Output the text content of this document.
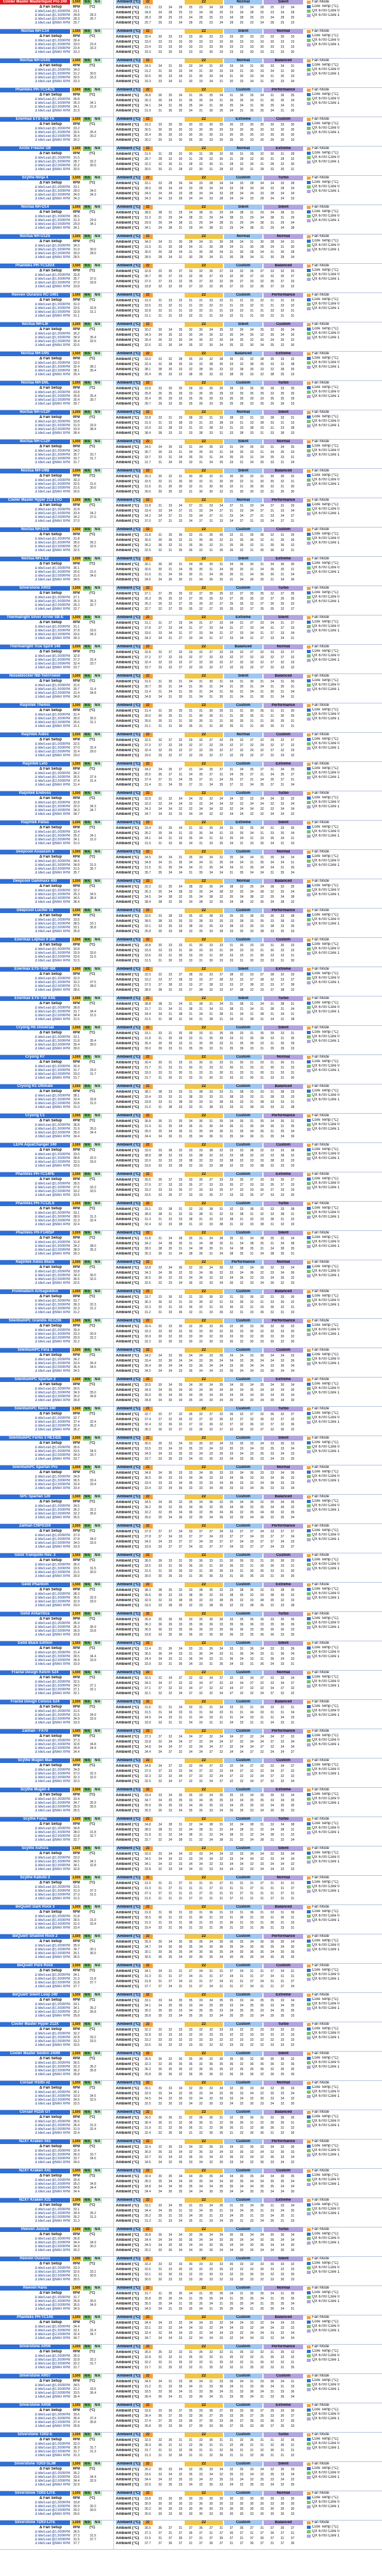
Cooler Master Masterliquid Pro 240	1,500	N/A	N/A
Δ Fan Setup	RPM	(°C)
Δ Idle/Load @1,000RPM	23.1
Δ Idle/Load @1,500RPM	34.8	28.3
Δ Idle/Load @2,000RPM	28.3	25.7
Δ Idle/Load @MAX RPM	25.7
Ambient (°C)	22	22	Normal	Silent	Fan Mode
Core Temp (°C)
QX 6700 Core 0
QX 6700 Core 1
Ambient (°C)	23.1	23	34	28	25	23	34	28	25	23	34	28	25	23	34
Ambient (°C)	34.8	34	28	25	23	34	28	25	23	34	28	25	23	34	28
Ambient (°C)	28.3	28	25	23	34	28	25	23	34	28	25	23	34	28	25
Ambient (°C)	25.7	25	23	34	28	25	23	34	28	25	23	34	28	25	23
Noctua NH-C14	1,500	N/A	N/A
Δ Fan Setup	RPM	(°C)
Δ Idle/Load @1,000RPM	30.4
Δ Idle/Load @1,500RPM	33.0	23.4
Δ Idle/Load @2,000RPM	23.4	33.3
Δ Idle/Load @MAX RPM	33.3
Ambient (°C)	22	22	Silent	Normal	Fan Mode
Core Temp (°C)
QX 6700 Core 0
QX 6700 Core 1
Ambient (°C)	30.4	30	33	23	33	30	33	23	33	30	33	23	33	30	33
Ambient (°C)	33.0	33	23	33	30	33	23	33	30	33	23	33	30	33	23
Ambient (°C)	23.4	23	33	30	33	23	33	30	33	23	33	30	33	23	33
Ambient (°C)	33.3	33	30	33	23	33	30	33	23	33	30	33	23	33	30
Noctua NH-U14S	1,500	N/A	N/A
Δ Fan Setup	RPM	(°C)
Δ Idle/Load @1,000RPM	34.0
Δ Idle/Load @1,500RPM	31.2	30.5
Δ Idle/Load @2,000RPM	30.5	33.3
Δ Idle/Load @MAX RPM	33.3
Ambient (°C)	22	22	Normal	Balanced	Fan Mode
Core Temp (°C)
QX 6700 Core 0
QX 6700 Core 1
Ambient (°C)	34.0	34	31	30	33	34	31	30	33	34	31	30	33	34	31
Ambient (°C)	31.2	31	30	33	34	31	30	33	34	31	30	33	34	31	30
Ambient (°C)	30.5	30	33	34	31	30	33	34	31	30	33	34	31	30	33
Ambient (°C)	33.3	33	34	31	30	33	34	31	30	33	34	31	30	33	34
Phanteks PH-TC14CS	1,500	N/A	N/A
Δ Fan Setup	RPM	(°C)
Δ Idle/Load @1,000RPM	36.8
Δ Idle/Load @1,500RPM	35.3	34.1
Δ Idle/Load @2,000RPM	34.1	31.9
Δ Idle/Load @MAX RPM	31.9
Ambient (°C)	22	22	Custom	Performance	Fan Mode
Core Temp (°C)
QX 6700 Core 0
QX 6700 Core 1
Ambient (°C)	36.8	36	35	34	31	36	35	34	31	36	35	34	31	36	35
Ambient (°C)	35.3	35	34	31	36	35	34	31	36	35	34	31	36	35	34
Ambient (°C)	34.1	34	31	36	35	34	31	36	35	34	31	36	35	34	31
Ambient (°C)	31.9	31	36	35	34	31	36	35	34	31	36	35	34	31	36
Enermax ETS-T40-TA	1,500	N/A	N/A
Δ Fan Setup	RPM	(°C)
Δ Idle/Load @1,000RPM	33.2
Δ Idle/Load @1,500RPM	30.5	35.4
Δ Idle/Load @2,000RPM	35.4	30.2
Δ Idle/Load @MAX RPM	30.2
Ambient (°C)	22	22	Extreme	Custom	Fan Mode
Core Temp (°C)
QX 6700 Core 0
QX 6700 Core 1
Ambient (°C)	33.2	33	30	35	30	33	30	35	30	33	30	35	30	33	30
Ambient (°C)	30.5	30	35	30	33	30	35	30	33	30	35	30	33	30	35
Ambient (°C)	35.4	35	30	33	30	35	30	33	30	35	30	33	30	35	30
Ambient (°C)	30.2	30	33	30	35	30	33	30	35	30	33	30	35	30	33
Arctic Freezer i30	1,500	N/A	N/A
Δ Fan Setup	RPM	(°C)
Δ Idle/Load @1,000RPM	31.5
Δ Idle/Load @1,500RPM	28.7	32.2
Δ Idle/Load @2,000RPM	32.2	30.5
Δ Idle/Load @MAX RPM	30.5
Ambient (°C)	22	22	Normal	Extreme	Fan Mode
Core Temp (°C)
QX 6700 Core 0
QX 6700 Core 1
Ambient (°C)	31.5	31	28	32	30	31	28	32	30	31	28	32	30	31	28
Ambient (°C)	28.7	28	32	30	31	28	32	30	31	28	32	30	31	28	32
Ambient (°C)	32.2	32	30	31	28	32	30	31	28	32	30	31	28	32	30
Ambient (°C)	30.5	30	31	28	32	30	31	28	32	30	31	28	32	30	31
Scythe Ninja 4	1,500	N/A	N/A
Δ Fan Setup	RPM	(°C)
Δ Idle/Load @1,000RPM	33.1
Δ Idle/Load @1,500RPM	28.0	34.0
Δ Idle/Load @2,000RPM	34.0	34.3
Δ Idle/Load @MAX RPM	34.3
Ambient (°C)	22	22	Custom	Turbo	Fan Mode
Core Temp (°C)
QX 6700 Core 0
QX 6700 Core 1
Ambient (°C)	33.1	33	28	34	34	33	28	34	34	33	28	34	34	33	28
Ambient (°C)	28.0	28	34	34	33	28	34	34	33	28	34	34	33	28	34
Ambient (°C)	34.0	34	34	33	28	34	34	33	28	34	34	33	28	34	34
Ambient (°C)	34.3	34	33	28	34	34	33	28	34	34	33	28	34	34	33
Noctua NH-D14	1,500	N/A	N/A
Δ Fan Setup	RPM	(°C)
Δ Idle/Load @1,000RPM	38.6
Δ Idle/Load @1,500RPM	31.3	29.9
Δ Idle/Load @2,000RPM	29.9	34.1
Δ Idle/Load @MAX RPM	34.1
Ambient (°C)	22	22	Silent	Silent	Fan Mode
Core Temp (°C)
QX 6700 Core 0
QX 6700 Core 1
Ambient (°C)	38.6	38	31	29	34	38	31	29	34	38	31	29	34	38	31
Ambient (°C)	31.3	31	29	34	38	31	29	34	38	31	29	34	38	31	29
Ambient (°C)	29.9	29	34	38	31	29	34	38	31	29	34	38	31	29	34
Ambient (°C)	34.1	34	38	31	29	34	38	31	29	34	38	31	29	34	38
Noctua NH-U12S	1,500	N/A	N/A
Δ Fan Setup	RPM	(°C)
Δ Idle/Load @1,000RPM	34.0
Δ Idle/Load @1,500RPM	31.0	30.0
Δ Idle/Load @2,000RPM	30.0	28.5
Δ Idle/Load @MAX RPM	28.5
Ambient (°C)	22	22	Normal	Normal	Fan Mode
Core Temp (°C)
QX 6700 Core 0
QX 6700 Core 1
Ambient (°C)	34.0	34	31	30	28	34	31	30	28	34	31	30	28	34	31
Ambient (°C)	31.0	31	30	28	34	31	30	28	34	31	30	28	34	31	30
Ambient (°C)	30.0	30	28	34	31	30	28	34	31	30	28	34	31	30	28
Ambient (°C)	28.5	28	34	31	30	28	34	31	30	28	34	31	30	28	34
Phanteks PH-TC12DX	1,500	N/A	N/A
Δ Fan Setup	RPM	(°C)
Δ Idle/Load @1,000RPM	32.8
Δ Idle/Load @1,500RPM	35.7	37.0
Δ Idle/Load @2,000RPM	37.0	33.8
Δ Idle/Load @MAX RPM	33.8
Ambient (°C)	22	22	Custom	Balanced	Fan Mode
Core Temp (°C)
QX 6700 Core 0
QX 6700 Core 1
Ambient (°C)	32.8	32	35	37	33	32	35	37	33	32	35	37	33	32	35
Ambient (°C)	35.7	35	37	33	32	35	37	33	32	35	37	33	32	35	37
Ambient (°C)	37.0	37	33	32	35	37	33	32	35	37	33	32	35	37	33
Ambient (°C)	33.8	33	32	35	37	33	32	35	37	33	32	35	37	33	32
Reeven Ouranos RC-1401	1,500	N/A	N/A
Δ Fan Setup	RPM	(°C)
Δ Idle/Load @1,000RPM	31.0
Δ Idle/Load @1,500RPM	33.5	32.8
Δ Idle/Load @2,000RPM	32.8	31.1
Δ Idle/Load @MAX RPM	31.1
Ambient (°C)	22	22	Custom	Performance	Fan Mode
Core Temp (°C)
QX 6700 Core 0
QX 6700 Core 1
Ambient (°C)	31.0	31	33	32	31	31	33	32	31	31	33	32	31	31	33
Ambient (°C)	33.5	33	32	31	31	33	32	31	31	33	32	31	31	33	32
Ambient (°C)	32.8	32	31	31	33	32	31	31	33	32	31	31	33	32	31
Ambient (°C)	31.1	31	31	33	32	31	31	33	32	31	31	33	32	31	31
Noctua NH-L9i	1,500	N/A	N/A
Δ Fan Setup	RPM	(°C)
Δ Idle/Load @1,000RPM	30.2
Δ Idle/Load @1,500RPM	34.9	35.4
Δ Idle/Load @2,000RPM	35.4	32.6
Δ Idle/Load @MAX RPM	32.6
Ambient (°C)	22	22	Silent	Custom	Fan Mode
Core Temp (°C)
QX 6700 Core 0
QX 6700 Core 1
Ambient (°C)	30.2	30	34	35	32	30	34	35	32	30	34	35	32	30	34
Ambient (°C)	34.9	34	35	32	30	34	35	32	30	34	35	32	30	34	35
Ambient (°C)	35.4	35	32	30	34	35	32	30	34	35	32	30	34	35	32
Ambient (°C)	32.6	32	30	34	35	32	30	34	35	32	30	34	35	32	30
Noctua NH-U9S	1,500	N/A	N/A
Δ Fan Setup	RPM	(°C)
Δ Idle/Load @1,000RPM	33.0
Δ Idle/Load @1,500RPM	32.4	38.1
Δ Idle/Load @2,000RPM	38.1	35.4
Δ Idle/Load @MAX RPM	35.4
Ambient (°C)	22	22	Balanced	Extreme	Fan Mode
Core Temp (°C)
QX 6700 Core 0
QX 6700 Core 1
Ambient (°C)	33.0	33	32	38	35	33	32	38	35	33	32	38	35	33	32
Ambient (°C)	32.4	32	38	35	33	32	38	35	33	32	38	35	33	32	38
Ambient (°C)	38.1	38	35	33	32	38	35	33	32	38	35	33	32	38	35
Ambient (°C)	35.4	35	33	32	38	35	33	32	38	35	33	32	38	35	33
Noctua NH-D9L	1,500	N/A	N/A
Δ Fan Setup	RPM	(°C)
Δ Idle/Load @1,000RPM	33.8
Δ Idle/Load @1,500RPM	35.8	35.4
Δ Idle/Load @2,000RPM	35.4	39.7
Δ Idle/Load @MAX RPM	39.7
Ambient (°C)	22	22	Custom	Turbo	Fan Mode
Core Temp (°C)
QX 6700 Core 0
QX 6700 Core 1
Ambient (°C)	33.8	33	35	35	39	33	35	35	39	33	35	35	39	33	35
Ambient (°C)	35.8	35	35	39	33	35	35	39	33	35	35	39	33	35	35
Ambient (°C)	35.4	35	39	33	35	35	39	33	35	35	39	33	35	35	39
Ambient (°C)	39.7	39	33	35	35	39	33	35	35	39	33	35	35	39	33
Noctua NH-U12P	1,500	N/A	N/A
Δ Fan Setup	RPM	(°C)
Δ Idle/Load @1,000RPM	33.8
Δ Idle/Load @1,500RPM	31.9	33.9
Δ Idle/Load @2,000RPM	33.9	38.4
Δ Idle/Load @MAX RPM	38.4
Ambient (°C)	22	22	Normal	Silent	Fan Mode
Core Temp (°C)
QX 6700 Core 0
QX 6700 Core 1
Ambient (°C)	33.8	33	31	33	38	33	31	33	38	33	31	33	38	33	31
Ambient (°C)	31.9	31	33	38	33	31	33	38	33	31	33	38	33	31	33
Ambient (°C)	33.9	33	38	33	31	33	38	33	31	33	38	33	31	33	38
Ambient (°C)	38.4	38	33	31	33	38	33	31	33	38	33	31	33	38	33
Noctua NH-C12P	1,500	N/A	N/A
Δ Fan Setup	RPM	(°C)
Δ Idle/Load @1,000RPM	34.0
Δ Idle/Load @1,500RPM	35.7	33.7
Δ Idle/Load @2,000RPM	33.7	31.7
Δ Idle/Load @MAX RPM	31.7
Ambient (°C)	22	22	Silent	Normal	Fan Mode
Core Temp (°C)
QX 6700 Core 0
QX 6700 Core 1
Ambient (°C)	34.0	34	35	33	31	34	35	33	31	34	35	33	31	34	35
Ambient (°C)	35.7	35	33	31	34	35	33	31	34	35	33	31	34	35	33
Ambient (°C)	33.7	33	31	34	35	33	31	34	35	33	31	34	35	33	31
Ambient (°C)	31.7	31	34	35	33	31	34	35	33	31	34	35	33	31	34
Noctua NH-U9B	1,500	N/A	N/A
Δ Fan Setup	RPM	(°C)
Δ Idle/Load @1,000RPM	30.3
Δ Idle/Load @1,500RPM	32.5	31.6
Δ Idle/Load @2,000RPM	31.6	30.6
Δ Idle/Load @MAX RPM	30.6
Ambient (°C)	22	22	Silent	Balanced	Fan Mode
Core Temp (°C)
QX 6700 Core 0
QX 6700 Core 1
Ambient (°C)	30.3	30	32	31	30	30	32	31	30	30	32	31	30	30	32
Ambient (°C)	32.5	32	31	30	30	32	31	30	30	32	31	30	30	32	31
Ambient (°C)	31.6	31	30	30	32	31	30	30	32	31	30	30	32	31	30
Ambient (°C)	30.6	30	30	32	31	30	30	32	31	30	30	32	31	30	30
Cooler Master Hyper 212 EVO	1,500	N/A	N/A
Δ Fan Setup	RPM	(°C)
Δ Idle/Load @1,000RPM	31.8
Δ Idle/Load @1,500RPM	33.4	34.2
Δ Idle/Load @2,000RPM	34.2	37.0
Δ Idle/Load @MAX RPM	37.0
Ambient (°C)	22	22	Normal	Performance	Fan Mode
Core Temp (°C)
QX 6700 Core 0
QX 6700 Core 1
Ambient (°C)	31.8	31	33	34	37	31	33	34	37	31	33	34	37	31	33
Ambient (°C)	33.4	33	34	37	31	33	34	37	31	33	34	37	31	33	34
Ambient (°C)	34.2	34	37	31	33	34	37	31	33	34	37	31	33	34	37
Ambient (°C)	37.0	37	31	33	34	37	31	33	34	37	31	33	34	37	31
Noctua NH-D15	1,500	N/A	N/A
Δ Fan Setup	RPM	(°C)
Δ Idle/Load @1,000RPM	31.8
Δ Idle/Load @1,500RPM	35.6	36.2
Δ Idle/Load @2,000RPM	36.2	32.5
Δ Idle/Load @MAX RPM	32.5
Ambient (°C)	22	22	Custom	Custom	Fan Mode
Core Temp (°C)
QX 6700 Core 0
QX 6700 Core 1
Ambient (°C)	31.8	31	35	36	32	31	35	36	32	31	35	36	32	31	35
Ambient (°C)	35.6	35	36	32	31	35	36	32	31	35	36	32	31	35	36
Ambient (°C)	36.2	36	32	31	35	36	32	31	35	36	32	31	35	36	32
Ambient (°C)	32.5	32	31	35	36	32	31	35	36	32	31	35	36	32	31
Noctua NH-L12	1,500	N/A	N/A
Δ Fan Setup	RPM	(°C)
Δ Idle/Load @1,000RPM	36.1
Δ Idle/Load @1,500RPM	30.6	31.6
Δ Idle/Load @2,000RPM	31.6	34.6
Δ Idle/Load @MAX RPM	34.6
Ambient (°C)	22	22	Silent	Extreme	Fan Mode
Core Temp (°C)
QX 6700 Core 0
QX 6700 Core 1
Ambient (°C)	36.1	36	30	31	34	36	30	31	34	36	30	31	34	36	30
Ambient (°C)	30.6	30	31	34	36	30	31	34	36	30	31	34	36	30	31
Ambient (°C)	31.6	31	34	36	30	31	34	36	30	31	34	36	30	31	34
Ambient (°C)	34.6	34	36	30	31	34	36	30	31	34	36	30	31	34	36
Silverstone AR02	1,500	N/A	N/A
Δ Fan Setup	RPM	(°C)
Δ Idle/Load @1,000RPM	37.1
Δ Idle/Load @1,500RPM	35.3	35.3
Δ Idle/Load @2,000RPM	35.3	32.7
Δ Idle/Load @MAX RPM	32.7
Ambient (°C)	22	22	Custom	Turbo	Fan Mode
Core Temp (°C)
QX 6700 Core 0
QX 6700 Core 1
Ambient (°C)	37.1	37	35	35	32	37	35	35	32	37	35	35	32	37	35
Ambient (°C)	35.3	35	35	32	37	35	35	32	37	35	35	32	37	35	35
Ambient (°C)	35.3	35	32	37	35	35	32	37	35	35	32	37	35	35	32
Ambient (°C)	32.7	32	37	35	35	32	37	35	35	32	37	35	35	32	37
Thermalright Silver Arrow SB-E	1,500	N/A	N/A
Δ Fan Setup	RPM	(°C)
Δ Idle/Load @1,000RPM	31.1
Δ Idle/Load @1,500RPM	37.8	33.6
Δ Idle/Load @2,000RPM	33.6	34.3
Δ Idle/Load @MAX RPM	34.3
Ambient (°C)	22	22	Extreme	Silent	Fan Mode
Core Temp (°C)
QX 6700 Core 0
QX 6700 Core 1
Ambient (°C)	31.1	31	37	33	34	31	37	33	34	31	37	33	34	31	37
Ambient (°C)	37.8	37	33	34	31	37	33	34	31	37	33	34	31	37	33
Ambient (°C)	33.6	33	34	31	37	33	34	31	37	33	34	31	37	33	34
Ambient (°C)	34.3	34	31	37	33	34	31	37	33	34	31	37	33	34	31
Thermalright True Spirit 140	1,500	N/A	N/A
Δ Fan Setup	RPM	(°C)
Δ Idle/Load @1,000RPM	32.8
Δ Idle/Load @1,500RPM	37.2	32.4
Δ Idle/Load @2,000RPM	32.4	33.7
Δ Idle/Load @MAX RPM	33.7
Ambient (°C)	22	22	Balanced	Normal	Fan Mode
Core Temp (°C)
QX 6700 Core 0
QX 6700 Core 1
Ambient (°C)	32.8	32	37	32	33	32	37	32	33	32	37	32	33	32	37
Ambient (°C)	37.2	37	32	33	32	37	32	33	32	37	32	33	32	37	32
Ambient (°C)	32.4	32	33	32	37	32	33	32	37	32	33	32	37	32	33
Ambient (°C)	33.7	33	32	37	32	33	32	37	32	33	32	37	32	33	32
Noiseblocker NB-TwinTower	1,500	N/A	N/A
Δ Fan Setup	RPM	(°C)
Δ Idle/Load @1,000RPM	31.6
Δ Idle/Load @1,500RPM	30.7	31.4
Δ Idle/Load @2,000RPM	31.4	34.8
Δ Idle/Load @MAX RPM	34.8
Ambient (°C)	22	22	Silent	Balanced	Fan Mode
Core Temp (°C)
QX 6700 Core 0
QX 6700 Core 1
Ambient (°C)	31.6	31	30	31	34	31	30	31	34	31	30	31	34	31	30
Ambient (°C)	30.7	30	31	34	31	30	31	34	31	30	31	34	31	30	31
Ambient (°C)	31.4	31	34	31	30	31	34	31	30	31	34	31	30	31	34
Ambient (°C)	34.8	34	31	30	31	34	31	30	31	34	31	30	31	34	31
Raijintek Themis	1,500	N/A	N/A
Δ Fan Setup	RPM	(°C)
Δ Idle/Load @1,000RPM	31.4
Δ Idle/Load @1,500RPM	30.0	35.6
Δ Idle/Load @2,000RPM	35.6	31.1
Δ Idle/Load @MAX RPM	31.1
Ambient (°C)	22	22	Custom	Performance	Fan Mode
Core Temp (°C)
QX 6700 Core 0
QX 6700 Core 1
Ambient (°C)	31.4	31	30	35	31	31	30	35	31	31	30	35	31	31	30
Ambient (°C)	30.0	30	35	31	31	30	35	31	31	30	35	31	31	30	35
Ambient (°C)	35.6	35	31	31	30	35	31	31	30	35	31	31	30	35	31
Ambient (°C)	31.1	31	31	30	35	31	31	30	35	31	31	30	35	31	31
Raijintek Aidos	1,500	N/A	N/A
Δ Fan Setup	RPM	(°C)
Δ Idle/Load @1,000RPM	32.5
Δ Idle/Load @1,500RPM	37.0	32.4
Δ Idle/Load @2,000RPM	32.4	29.0
Δ Idle/Load @MAX RPM	29.0
Ambient (°C)	22	22	Normal	Custom	Fan Mode
Core Temp (°C)
QX 6700 Core 0
QX 6700 Core 1
Ambient (°C)	32.5	32	37	32	29	32	37	32	29	32	37	32	29	32	37
Ambient (°C)	37.0	37	32	29	32	37	32	29	32	37	32	29	32	37	32
Ambient (°C)	32.4	32	29	32	37	32	29	32	37	32	29	32	37	32	29
Ambient (°C)	29.0	29	32	37	32	29	32	37	32	29	32	37	32	29	32
Raijintek Leto	1,500	N/A	N/A
Δ Fan Setup	RPM	(°C)
Δ Idle/Load @1,000RPM	34.2
Δ Idle/Load @1,500RPM	35.5	37.4
Δ Idle/Load @2,000RPM	37.4	31.4
Δ Idle/Load @MAX RPM	31.4
Ambient (°C)	22	22	Custom	Extreme	Fan Mode
Core Temp (°C)
QX 6700 Core 0
QX 6700 Core 1
Ambient (°C)	34.2	34	35	37	31	34	35	37	31	34	35	37	31	34	35
Ambient (°C)	35.5	35	37	31	34	35	37	31	34	35	37	31	34	35	37
Ambient (°C)	37.4	37	31	34	35	37	31	34	35	37	31	34	35	37	31
Ambient (°C)	31.4	31	34	35	37	31	34	35	37	31	34	35	37	31	34
Raijintek Ereboss	1,500	N/A	N/A
Δ Fan Setup	RPM	(°C)
Δ Idle/Load @1,000RPM	32.8
Δ Idle/Load @1,500RPM	32.0	34.3
Δ Idle/Load @2,000RPM	34.3	34.7
Δ Idle/Load @MAX RPM	34.7
Ambient (°C)	22	22	Custom	Turbo	Fan Mode
Core Temp (°C)
QX 6700 Core 0
QX 6700 Core 1
Ambient (°C)	32.8	32	32	34	34	32	32	34	34	32	32	34	34	32	32
Ambient (°C)	32.0	32	34	34	32	32	34	34	32	32	34	34	32	32	34
Ambient (°C)	34.3	34	34	32	32	34	34	32	32	34	34	32	32	34	34
Ambient (°C)	34.7	34	32	32	34	34	32	32	34	34	32	32	34	34	32
Raijintek Pallas	1,500	N/A	N/A
Δ Fan Setup	RPM	(°C)
Δ Idle/Load @1,000RPM	33.4
Δ Idle/Load @1,500RPM	35.2	34.1
Δ Idle/Load @2,000RPM	34.1	31.0
Δ Idle/Load @MAX RPM	31.0
Ambient (°C)	22	22	Extreme	Silent	Fan Mode
Core Temp (°C)
QX 6700 Core 0
QX 6700 Core 1
Ambient (°C)	33.4	33	35	34	31	33	35	34	31	33	35	34	31	33	35
Ambient (°C)	35.2	35	34	31	33	35	34	31	33	35	34	31	33	35	34
Ambient (°C)	34.1	34	31	33	35	34	31	33	35	34	31	33	35	34	31
Ambient (°C)	31.0	31	33	35	34	31	33	35	34	31	33	35	34	31	33
Deepcool Assassin II	1,500	N/A	N/A
Δ Fan Setup	RPM	(°C)
Δ Idle/Load @1,000RPM	34.5
Δ Idle/Load @1,500RPM	34.8	31.5
Δ Idle/Load @2,000RPM	31.5	35.7
Δ Idle/Load @MAX RPM	35.7
Ambient (°C)	22	22	Custom	Normal	Fan Mode
Core Temp (°C)
QX 6700 Core 0
QX 6700 Core 1
Ambient (°C)	34.5	34	34	31	35	34	34	31	35	34	34	31	35	34	34
Ambient (°C)	34.8	34	31	35	34	34	31	35	34	34	31	35	34	34	31
Ambient (°C)	31.5	31	35	34	34	31	35	34	34	31	35	34	34	31	35
Ambient (°C)	35.7	35	34	34	31	35	34	34	31	35	34	34	31	35	34
Deepcool Gammaxx 400	1,500	N/A	N/A
Δ Fan Setup	RPM	(°C)
Δ Idle/Load @1,000RPM	32.2
Δ Idle/Load @1,500RPM	35.3	34.5
Δ Idle/Load @2,000RPM	34.5	38.4
Δ Idle/Load @MAX RPM	38.4
Ambient (°C)	22	22	Normal	Balanced	Fan Mode
Core Temp (°C)
QX 6700 Core 0
QX 6700 Core 1
Ambient (°C)	32.2	32	35	34	38	32	35	34	38	32	35	34	38	32	35
Ambient (°C)	35.3	35	34	38	32	35	34	38	32	35	34	38	32	35	34
Ambient (°C)	34.5	34	38	32	35	34	38	32	35	34	38	32	35	34	38
Ambient (°C)	38.4	38	32	35	34	38	32	35	34	38	32	35	34	38	32
Deepcool Lucifer V2	1,500	N/A	N/A
Δ Fan Setup	RPM	(°C)
Δ Idle/Load @1,000RPM	33.5
Δ Idle/Load @1,500RPM	38.5	33.1
Δ Idle/Load @2,000RPM	33.1	35.8
Δ Idle/Load @MAX RPM	35.8
Ambient (°C)	22	22	Custom	Performance	Fan Mode
Core Temp (°C)
QX 6700 Core 0
QX 6700 Core 1
Ambient (°C)	33.5	33	38	33	35	33	38	33	35	33	38	33	35	33	38
Ambient (°C)	38.5	38	33	35	33	38	33	35	33	38	33	35	33	38	33
Ambient (°C)	33.1	33	35	33	38	33	35	33	38	33	35	33	38	33	35
Ambient (°C)	35.8	35	33	38	33	35	33	38	33	35	33	38	33	35	33
Enermax Liqmax II 240	1,500	N/A	N/A
Δ Fan Setup	RPM	(°C)
Δ Idle/Load @1,000RPM	30.8
Δ Idle/Load @1,500RPM	33.9	33.6
Δ Idle/Load @2,000RPM	33.6	31.5
Δ Idle/Load @MAX RPM	31.5
Ambient (°C)	22	22	Custom	Custom	Fan Mode
Core Temp (°C)
QX 6700 Core 0
QX 6700 Core 1
Ambient (°C)	30.8	30	33	33	31	30	33	33	31	30	33	33	31	30	33
Ambient (°C)	33.9	33	33	31	30	33	33	31	30	33	33	31	30	33	33
Ambient (°C)	33.6	33	31	30	33	33	31	30	33	33	31	30	33	33	31
Ambient (°C)	31.5	31	30	33	33	31	30	33	33	31	30	33	33	31	30
Enermax ETS-T40F-BK	1,500	N/A	N/A
Δ Fan Setup	RPM	(°C)
Δ Idle/Load @1,000RPM	32.0
Δ Idle/Load @1,500RPM	33.2	37.5
Δ Idle/Load @2,000RPM	37.5	38.6
Δ Idle/Load @MAX RPM	38.6
Ambient (°C)	22	22	Silent	Extreme	Fan Mode
Core Temp (°C)
QX 6700 Core 0
QX 6700 Core 1
Ambient (°C)	32.0	32	33	37	38	32	33	37	38	32	33	37	38	32	33
Ambient (°C)	33.2	33	37	38	32	33	37	38	32	33	37	38	32	33	37
Ambient (°C)	37.5	37	38	32	33	37	38	32	33	37	38	32	33	37	38
Ambient (°C)	38.6	38	32	33	37	38	32	33	37	38	32	33	37	38	32
Enermax ETS-T50 AXE	1,500	N/A	N/A
Δ Fan Setup	RPM	(°C)
Δ Idle/Load @1,000RPM	38.8
Δ Idle/Load @1,500RPM	31.7	34.4
Δ Idle/Load @2,000RPM	34.4	31.5
Δ Idle/Load @MAX RPM	31.5
Ambient (°C)	22	22	Silent	Turbo	Fan Mode
Core Temp (°C)
QX 6700 Core 0
QX 6700 Core 1
Ambient (°C)	38.8	38	31	34	31	38	31	34	31	38	31	34	31	38	31
Ambient (°C)	31.7	31	34	31	38	31	34	31	38	31	34	31	38	31	34
Ambient (°C)	34.4	34	31	38	31	34	31	38	31	34	31	38	31	34	31
Ambient (°C)	31.5	31	38	31	34	31	38	31	34	31	38	31	34	31	38
Cryorig H5 Universal	1,500	N/A	N/A
Δ Fan Setup	RPM	(°C)
Δ Idle/Load @1,000RPM	33.1
Δ Idle/Load @1,500RPM	31.8	35.4
Δ Idle/Load @2,000RPM	35.4	39.0
Δ Idle/Load @MAX RPM	39.0
Ambient (°C)	22	22	Custom	Silent	Fan Mode
Core Temp (°C)
QX 6700 Core 0
QX 6700 Core 1
Ambient (°C)	33.1	33	31	35	39	33	31	35	39	33	31	35	39	33	31
Ambient (°C)	31.8	31	35	39	33	31	35	39	33	31	35	39	33	31	35
Ambient (°C)	35.4	35	39	33	31	35	39	33	31	35	39	33	31	35	39
Ambient (°C)	39.0	39	33	31	35	39	33	31	35	39	33	31	35	39	33
Cryorig H7	1,500	N/A	N/A
Δ Fan Setup	RPM	(°C)
Δ Idle/Load @1,000RPM	30.4
Δ Idle/Load @1,500RPM	31.7	33.0
Δ Idle/Load @2,000RPM	33.0	31.7
Δ Idle/Load @MAX RPM	31.7
Ambient (°C)	22	22	Custom	Normal	Fan Mode
Core Temp (°C)
QX 6700 Core 0
QX 6700 Core 1
Ambient (°C)	30.4	30	31	33	31	30	31	33	31	30	31	33	31	30	31
Ambient (°C)	31.7	31	33	31	30	31	33	31	30	31	33	31	30	31	33
Ambient (°C)	33.0	33	31	30	31	33	31	30	31	33	31	30	31	33	31
Ambient (°C)	31.7	31	30	31	33	31	30	31	33	31	30	31	33	31	30
Cryorig R1 Ultimate	1,500	N/A	N/A
Δ Fan Setup	RPM	(°C)
Δ Idle/Load @1,000RPM	38.1
Δ Idle/Load @1,500RPM	33.4	33.8
Δ Idle/Load @2,000RPM	33.8	31.0
Δ Idle/Load @MAX RPM	31.0
Ambient (°C)	22	22	Custom	Balanced	Fan Mode
Core Temp (°C)
QX 6700 Core 0
QX 6700 Core 1
Ambient (°C)	38.1	38	33	33	31	38	33	33	31	38	33	33	31	38	33
Ambient (°C)	33.4	33	33	31	38	33	33	31	38	33	33	31	38	33	33
Ambient (°C)	33.8	33	31	38	33	33	31	38	33	33	31	38	33	33	31
Ambient (°C)	31.0	31	38	33	33	31	38	33	33	31	38	33	33	31	38
Cryorig C1	1,500	N/A	N/A
Δ Fan Setup	RPM	(°C)
Δ Idle/Load @1,000RPM	36.8
Δ Idle/Load @1,500RPM	31.9	35.0
Δ Idle/Load @2,000RPM	35.0	34.4
Δ Idle/Load @MAX RPM	34.4
Ambient (°C)	22	22	Custom	Performance	Fan Mode
Core Temp (°C)
QX 6700 Core 0
QX 6700 Core 1
Ambient (°C)	36.8	36	31	35	34	36	31	35	34	36	31	35	34	36	31
Ambient (°C)	31.9	31	35	34	36	31	35	34	36	31	35	34	36	31	35
Ambient (°C)	35.0	35	34	36	31	35	34	36	31	35	34	36	31	35	34
Ambient (°C)	34.4	34	36	31	35	34	36	31	35	34	36	31	35	34	36
LEPA AquaChanger 240	1,500	N/A	N/A
Δ Fan Setup	RPM	(°C)
Δ Idle/Load @1,000RPM	33.0
Δ Idle/Load @1,500RPM	38.8	32.0
Δ Idle/Load @2,000RPM	32.0	33.6
Δ Idle/Load @MAX RPM	33.6
Ambient (°C)	22	22	Custom	Custom	Fan Mode
Core Temp (°C)
QX 6700 Core 0
QX 6700 Core 1
Ambient (°C)	33.0	33	38	32	33	33	38	32	33	33	38	32	33	33	38
Ambient (°C)	38.8	38	32	33	33	38	32	33	33	38	32	33	33	38	32
Ambient (°C)	32.0	32	33	33	38	32	33	33	38	32	33	33	38	32	33
Ambient (°C)	33.6	33	33	38	32	33	33	38	32	33	33	38	32	33	33
Phanteks PH-TC14PE	1,500	N/A	N/A
Δ Fan Setup	RPM	(°C)
Δ Idle/Load @1,000RPM	35.5
Δ Idle/Load @1,500RPM	37.6	33.2
Δ Idle/Load @2,000RPM	33.2	33.5
Δ Idle/Load @MAX RPM	33.5
Ambient (°C)	22	22	Custom	Extreme	Fan Mode
Core Temp (°C)
QX 6700 Core 0
QX 6700 Core 1
Ambient (°C)	35.5	35	37	33	33	35	37	33	33	35	37	33	33	35	37
Ambient (°C)	37.6	37	33	33	35	37	33	33	35	37	33	33	35	37	33
Ambient (°C)	33.2	33	33	35	37	33	33	35	37	33	33	35	37	33	33
Ambient (°C)	33.5	33	35	37	33	33	35	37	33	33	35	37	33	33	35
Phanteks PH-TC12LS	1,500	N/A	N/A
Δ Fan Setup	RPM	(°C)
Δ Idle/Load @1,000RPM	33.1
Δ Idle/Load @1,500RPM	38.9	31.3
Δ Idle/Load @2,000RPM	31.3	32.4
Δ Idle/Load @MAX RPM	32.4
Ambient (°C)	22	22	Custom	Turbo	Fan Mode
Core Temp (°C)
QX 6700 Core 0
QX 6700 Core 1
Ambient (°C)	33.1	33	38	31	32	33	38	31	32	33	38	31	32	33	38
Ambient (°C)	38.9	38	31	32	33	38	31	32	33	38	31	32	33	38	31
Ambient (°C)	31.3	31	32	33	38	31	32	33	38	31	32	33	38	31	32
Ambient (°C)	32.4	32	33	38	31	32	33	38	31	32	33	38	31	32	33
Phanteks PH-F140SP	1,500	N/A	N/A
Δ Fan Setup	RPM	(°C)
Δ Idle/Load @1,000RPM	31.8
Δ Idle/Load @1,500RPM	34.2	38.0
Δ Idle/Load @2,000RPM	38.0	35.3
Δ Idle/Load @MAX RPM	35.3
Ambient (°C)	22	22	Custom	Silent	Fan Mode
Core Temp (°C)
QX 6700 Core 0
QX 6700 Core 1
Ambient (°C)	31.8	31	34	38	35	31	34	38	35	31	34	38	35	31	34
Ambient (°C)	34.2	34	38	35	31	34	38	35	31	34	38	35	31	34	38
Ambient (°C)	38.0	38	35	31	34	38	35	31	34	38	35	31	34	38	35
Ambient (°C)	35.3	35	31	34	38	35	31	34	38	35	31	34	38	35	31
Raijintek Aidos Black	1,500	N/A	N/A
Δ Fan Setup	RPM	(°C)
Δ Idle/Load @1,000RPM	33.8
Δ Idle/Load @1,500RPM	34.3	36.5
Δ Idle/Load @2,000RPM	36.5	32.6
Δ Idle/Load @MAX RPM	32.6
Ambient (°C)	22	22	Performance	Normal	Fan Mode
Core Temp (°C)
QX 6700 Core 0
QX 6700 Core 1
Ambient (°C)	33.8	33	34	36	32	33	34	36	32	33	34	36	32	33	34
Ambient (°C)	34.3	34	36	32	33	34	36	32	33	34	36	32	33	34	36
Ambient (°C)	36.5	36	32	33	34	36	32	33	34	36	32	33	34	36	32
Ambient (°C)	32.6	32	33	34	36	32	33	34	36	32	33	34	36	32	33
Prolimatech Armageddon	1,500	N/A	N/A
Δ Fan Setup	RPM	(°C)
Δ Idle/Load @1,000RPM	33.7
Δ Idle/Load @1,500RPM	36.3	32.3
Δ Idle/Load @2,000RPM	32.3	31.2
Δ Idle/Load @MAX RPM	31.2
Ambient (°C)	22	22	Custom	Balanced	Fan Mode
Core Temp (°C)
QX 6700 Core 0
QX 6700 Core 1
Ambient (°C)	33.7	33	36	32	31	33	36	32	31	33	36	32	31	33	36
Ambient (°C)	36.3	36	32	31	33	36	32	31	33	36	32	31	33	36	32
Ambient (°C)	32.3	32	31	33	36	32	31	33	36	32	31	33	36	32	31
Ambient (°C)	31.2	31	33	36	32	31	33	36	32	31	33	36	32	31	33
SilentiumPC Grandis XE1236	1,500	N/A	N/A
Δ Fan Setup	RPM	(°C)
Δ Idle/Load @1,000RPM	30.4
Δ Idle/Load @1,500RPM	33.3	30.9
Δ Idle/Load @2,000RPM	30.9	32.2
Δ Idle/Load @MAX RPM	32.2
Ambient (°C)	22	22	Custom	Performance	Fan Mode
Core Temp (°C)
QX 6700 Core 0
QX 6700 Core 1
Ambient (°C)	30.4	30	33	30	32	30	33	30	32	30	33	30	32	30	33
Ambient (°C)	33.3	33	30	32	30	33	30	32	30	33	30	32	30	33	30
Ambient (°C)	30.9	30	32	30	33	30	32	30	33	30	32	30	33	30	32
Ambient (°C)	32.2	32	30	33	30	32	30	33	30	32	30	33	30	32	30
SilentiumPC Fera 3	1,500	N/A	N/A
Δ Fan Setup	RPM	(°C)
Δ Idle/Load @1,000RPM	34.2
Δ Idle/Load @1,500RPM	33.4	36.4
Δ Idle/Load @2,000RPM	36.4	34.5
Δ Idle/Load @MAX RPM	34.5
Ambient (°C)	22	22	Custom	Custom	Fan Mode
Core Temp (°C)
QX 6700 Core 0
QX 6700 Core 1
Ambient (°C)	34.2	34	33	36	34	34	33	36	34	34	33	36	34	34	33
Ambient (°C)	33.4	33	36	34	34	33	36	34	34	33	36	34	34	33	36
Ambient (°C)	36.4	36	34	34	33	36	34	34	33	36	34	34	33	36	34
Ambient (°C)	34.5	34	34	33	36	34	34	33	36	34	34	33	36	34	34
SilentiumPC Spartan 3	1,500	N/A	N/A
Δ Fan Setup	RPM	(°C)
Δ Idle/Load @1,000RPM	30.5
Δ Idle/Load @1,500RPM	34.9	35.0
Δ Idle/Load @2,000RPM	35.0	34.8
Δ Idle/Load @MAX RPM	34.8
Ambient (°C)	22	22	Custom	Extreme	Fan Mode
Core Temp (°C)
QX 6700 Core 0
QX 6700 Core 1
Ambient (°C)	30.5	30	34	35	34	30	34	35	34	30	34	35	34	30	34
Ambient (°C)	34.9	34	35	34	30	34	35	34	30	34	35	34	30	34	35
Ambient (°C)	35.0	35	34	30	34	35	34	30	34	35	34	30	34	35	34
Ambient (°C)	34.8	34	30	34	35	34	30	34	35	34	30	34	35	34	30
SilentiumPC Navis 240	1,500	N/A	N/A
Δ Fan Setup	RPM	(°C)
Δ Idle/Load @1,000RPM	32.7
Δ Idle/Load @1,500RPM	37.4	32.4
Δ Idle/Load @2,000RPM	32.4	36.2
Δ Idle/Load @MAX RPM	36.2
Ambient (°C)	22	22	Custom	Turbo	Fan Mode
Core Temp (°C)
QX 6700 Core 0
QX 6700 Core 1
Ambient (°C)	32.7	32	37	32	36	32	37	32	36	32	37	32	36	32	37
Ambient (°C)	37.4	37	32	36	32	37	32	36	32	37	32	36	32	37	32
Ambient (°C)	32.4	32	36	32	37	32	36	32	37	32	36	32	37	32	36
Ambient (°C)	36.2	36	32	37	32	36	32	37	32	36	32	37	32	36	32
SilentiumPC Fortis 3 HE1425	1,500	N/A	N/A
Δ Fan Setup	RPM	(°C)
Δ Idle/Load @1,000RPM	35.6
Δ Idle/Load @1,500RPM	33.5	34.9
Δ Idle/Load @2,000RPM	34.9	33.7
Δ Idle/Load @MAX RPM	33.7
Ambient (°C)	22	22	Custom	Silent	Fan Mode
Core Temp (°C)
QX 6700 Core 0
QX 6700 Core 1
Ambient (°C)	35.6	35	33	34	33	35	33	34	33	35	33	34	33	35	33
Ambient (°C)	33.5	33	34	33	35	33	34	33	35	33	34	33	35	33	34
Ambient (°C)	34.9	34	33	35	33	34	33	35	33	34	33	35	33	34	33
Ambient (°C)	33.7	33	35	33	34	33	35	33	34	33	35	33	34	33	35
SilentiumPC Spartan Pro	1,500	N/A	N/A
Δ Fan Setup	RPM	(°C)
Δ Idle/Load @1,000RPM	34.8
Δ Idle/Load @1,500RPM	36.5	33.4
Δ Idle/Load @2,000RPM	33.4	33.4
Δ Idle/Load @MAX RPM	33.4
Ambient (°C)	22	22	Custom	Normal	Fan Mode
Core Temp (°C)
QX 6700 Core 0
QX 6700 Core 1
Ambient (°C)	34.8	34	36	33	33	34	36	33	33	34	36	33	33	34	36
Ambient (°C)	36.5	36	33	33	34	36	33	33	34	36	33	33	34	36	33
Ambient (°C)	33.4	33	33	34	36	33	33	34	36	33	33	34	36	33	33
Ambient (°C)	33.4	33	34	36	33	33	34	36	33	33	34	36	33	33	34
SPC Spartan 120	1,500	N/A	N/A
Δ Fan Setup	RPM	(°C)
Δ Idle/Load @1,000RPM	34.5
Δ Idle/Load @1,500RPM	36.2	32.2
Δ Idle/Load @2,000RPM	32.2	35.6
Δ Idle/Load @MAX RPM	35.6
Ambient (°C)	22	22	Custom	Balanced	Fan Mode
Core Temp (°C)
QX 6700 Core 0
QX 6700 Core 1
Ambient (°C)	34.5	34	36	32	35	34	36	32	35	34	36	32	35	34	36
Ambient (°C)	36.2	36	32	35	34	36	32	35	34	36	32	35	34	36	32
Ambient (°C)	32.2	32	35	34	36	32	35	34	36	32	35	34	36	32	35
Ambient (°C)	35.6	35	34	36	32	35	34	36	32	35	34	36	32	35	34
Zalman CNPS10X	1,500	N/A	N/A
Δ Fan Setup	RPM	(°C)
Δ Idle/Load @1,000RPM	37.9
Δ Idle/Load @1,500RPM	37.8	34.0
Δ Idle/Load @2,000RPM	34.0	33.9
Δ Idle/Load @MAX RPM	33.9
Ambient (°C)	22	22	Custom	Performance	Fan Mode
Core Temp (°C)
QX 6700 Core 0
QX 6700 Core 1
Ambient (°C)	37.9	37	37	34	33	37	37	34	33	37	37	34	33	37	37
Ambient (°C)	37.8	37	34	33	37	37	34	33	37	37	34	33	37	37	34
Ambient (°C)	34.0	34	33	37	37	34	33	37	37	34	33	37	37	34	33
Ambient (°C)	33.9	33	37	37	34	33	37	37	34	33	37	37	34	33	37
Gelid Tranquillo Rev. 3	1,500	N/A	N/A
Δ Fan Setup	RPM	(°C)
Δ Idle/Load @1,000RPM	36.0
Δ Idle/Load @1,500RPM	33.5	31.5
Δ Idle/Load @2,000RPM	31.5	30.0
Δ Idle/Load @MAX RPM	30.0
Ambient (°C)	22	22	Custom	Custom	Fan Mode
Core Temp (°C)
QX 6700 Core 0
QX 6700 Core 1
Ambient (°C)	36.0	36	33	31	30	36	33	31	30	36	33	31	30	36	33
Ambient (°C)	33.5	33	31	30	36	33	31	30	36	33	31	30	36	33	31
Ambient (°C)	31.5	31	30	36	33	31	30	36	33	31	30	36	33	31	30
Ambient (°C)	30.0	30	36	33	31	30	36	33	31	30	36	33	31	30	36
Gelid Phantom	1,500	N/A	N/A
Δ Fan Setup	RPM	(°C)
Δ Idle/Load @1,000RPM	38.3
Δ Idle/Load @1,500RPM	35.6	32.9
Δ Idle/Load @2,000RPM	32.9	33.0
Δ Idle/Load @MAX RPM	33.0
Ambient (°C)	22	22	Custom	Extreme	Fan Mode
Core Temp (°C)
QX 6700 Core 0
QX 6700 Core 1
Ambient (°C)	38.3	38	35	32	33	38	35	32	33	38	35	32	33	38	35
Ambient (°C)	35.6	35	32	33	38	35	32	33	38	35	32	33	38	35	32
Ambient (°C)	32.9	32	33	38	35	32	33	38	35	32	33	38	35	32	33
Ambient (°C)	33.0	33	38	35	32	33	38	35	32	33	38	35	32	33	38
Gelid Antarctica	1,500	N/A	N/A
Δ Fan Setup	RPM	(°C)
Δ Idle/Load @1,000RPM	35.9
Δ Idle/Load @1,500RPM	36.3	36.9
Δ Idle/Load @2,000RPM	36.9	33.8
Δ Idle/Load @MAX RPM	33.8
Ambient (°C)	22	22	Custom	Turbo	Fan Mode
Core Temp (°C)
QX 6700 Core 0
QX 6700 Core 1
Ambient (°C)	35.9	35	36	36	33	35	36	36	33	35	36	36	33	35	36
Ambient (°C)	36.3	36	36	33	35	36	36	33	35	36	36	33	35	36	36
Ambient (°C)	36.9	36	33	35	36	36	33	35	36	36	33	35	36	36	33
Ambient (°C)	33.8	33	35	36	36	33	35	36	36	33	35	36	36	33	35
Gelid Black Edition	1,500	N/A	N/A
Δ Fan Setup	RPM	(°C)
Δ Idle/Load @1,000RPM	31.4
Δ Idle/Load @1,500RPM	36.5	34.4
Δ Idle/Load @2,000RPM	34.4	33.9
Δ Idle/Load @MAX RPM	33.9
Ambient (°C)	22	22	Custom	Silent	Fan Mode
Core Temp (°C)
QX 6700 Core 0
QX 6700 Core 1
Ambient (°C)	31.4	31	36	34	33	31	36	34	33	31	36	34	33	31	36
Ambient (°C)	36.5	36	34	33	31	36	34	33	31	36	34	33	31	36	34
Ambient (°C)	34.4	34	33	31	36	34	33	31	36	34	33	31	36	34	33
Ambient (°C)	33.9	33	31	36	34	33	31	36	34	33	31	36	34	33	31
Fractal Design Kelvin S24	1,500	N/A	N/A
Δ Fan Setup	RPM	(°C)
Δ Idle/Load @1,000RPM	32.5
Δ Idle/Load @1,500RPM	34.0	37.1
Δ Idle/Load @2,000RPM	37.1	32.1
Δ Idle/Load @MAX RPM	32.1
Ambient (°C)	22	22	Custom	Normal	Fan Mode
Core Temp (°C)
QX 6700 Core 0
QX 6700 Core 1
Ambient (°C)	32.5	32	34	37	32	32	34	37	32	32	34	37	32	32	34
Ambient (°C)	34.0	34	37	32	32	34	37	32	32	34	37	32	32	34	37
Ambient (°C)	37.1	37	32	32	34	37	32	32	34	37	32	32	34	37	32
Ambient (°C)	32.1	32	32	34	37	32	32	34	37	32	32	34	37	32	32
Fractal Design Celsius S24	1,500	N/A	N/A
Δ Fan Setup	RPM	(°C)
Δ Idle/Load @1,000RPM	31.6
Δ Idle/Load @1,500RPM	31.5	34.9
Δ Idle/Load @2,000RPM	34.9	33.9
Δ Idle/Load @MAX RPM	33.9
Ambient (°C)	22	22	Custom	Balanced	Fan Mode
Core Temp (°C)
QX 6700 Core 0
QX 6700 Core 1
Ambient (°C)	31.6	31	31	34	33	31	31	34	33	31	31	34	33	31	31
Ambient (°C)	31.5	31	34	33	31	31	34	33	31	31	34	33	31	31	34
Ambient (°C)	34.9	34	33	31	31	34	33	31	31	34	33	31	31	34	33
Ambient (°C)	33.9	33	31	31	34	33	31	31	34	33	31	31	34	33	31
Zalman - FX70	1,500	N/A	N/A
Δ Fan Setup	RPM	(°C)
Δ Idle/Load @1,000RPM	37.3
Δ Idle/Load @1,500RPM	32.8	34.8
Δ Idle/Load @2,000RPM	34.8	34.4
Δ Idle/Load @MAX RPM	34.4
Ambient (°C)	22	22	Custom	Performance	Fan Mode
Core Temp (°C)
QX 6700 Core 0
QX 6700 Core 1
Ambient (°C)	37.3	37	32	34	34	37	32	34	34	37	32	34	34	37	32
Ambient (°C)	32.8	32	34	34	37	32	34	34	37	32	34	34	37	32	34
Ambient (°C)	34.8	34	34	37	32	34	34	37	32	34	34	37	32	34	34
Ambient (°C)	34.4	34	37	32	34	34	37	32	34	34	37	32	34	34	37
Scythe Mugen Max	1,500	N/A	N/A
Δ Fan Setup	RPM	(°C)
Δ Idle/Load @1,000RPM	34.8
Δ Idle/Load @1,500RPM	37.0	32.3
Δ Idle/Load @2,000RPM	32.3	32.0
Δ Idle/Load @MAX RPM	32.0
Ambient (°C)	22	22	Custom	Custom	Fan Mode
Core Temp (°C)
QX 6700 Core 0
QX 6700 Core 1
Ambient (°C)	34.8	34	37	32	32	34	37	32	32	34	37	32	32	34	37
Ambient (°C)	37.0	37	32	32	34	37	32	32	34	37	32	32	34	37	32
Ambient (°C)	32.3	32	32	34	37	32	32	34	37	32	32	34	37	32	32
Ambient (°C)	32.0	32	34	37	32	32	34	37	32	32	34	37	32	32	34
Scythe Mugen 4	1,500	N/A	N/A
Δ Fan Setup	RPM	(°C)
Δ Idle/Load @1,000RPM	33.4
Δ Idle/Load @1,500RPM	34.7	35.9
Δ Idle/Load @2,000RPM	35.9	35.5
Δ Idle/Load @MAX RPM	35.5
Ambient (°C)	22	22	Custom	Extreme	Fan Mode
Core Temp (°C)
QX 6700 Core 0
QX 6700 Core 1
Ambient (°C)	33.4	33	34	35	35	33	34	35	35	33	34	35	35	33	34
Ambient (°C)	34.7	34	35	35	33	34	35	35	33	34	35	35	33	34	35
Ambient (°C)	35.9	35	35	33	34	35	35	33	34	35	35	33	34	35	35
Ambient (°C)	35.5	35	33	34	35	35	33	34	35	35	33	34	35	35	33
Scythe Fuma	1,500	N/A	N/A
Δ Fan Setup	RPM	(°C)
Δ Idle/Load @1,000RPM	34.8
Δ Idle/Load @1,500RPM	38.0	31.8
Δ Idle/Load @2,000RPM	31.8	32.7
Δ Idle/Load @MAX RPM	32.7
Ambient (°C)	22	22	Custom	Turbo	Fan Mode
Core Temp (°C)
QX 6700 Core 0
QX 6700 Core 1
Ambient (°C)	34.8	34	38	31	32	34	38	31	32	34	38	31	32	34	38
Ambient (°C)	38.0	38	31	32	34	38	31	32	34	38	31	32	34	38	31
Ambient (°C)	31.8	31	32	34	38	31	32	34	38	31	32	34	38	31	32
Ambient (°C)	32.7	32	34	38	31	32	34	38	31	32	34	38	31	32	34
Scythe Ashura	1,500	N/A	N/A
Δ Fan Setup	RPM	(°C)
Δ Idle/Load @1,000RPM	33.0
Δ Idle/Load @1,500RPM	34.5	34.1
Δ Idle/Load @2,000RPM	34.1	32.8
Δ Idle/Load @MAX RPM	32.8
Ambient (°C)	22	22	Custom	Silent	Fan Mode
Core Temp (°C)
QX 6700 Core 0
QX 6700 Core 1
Ambient (°C)	33.0	33	34	34	32	33	34	34	32	33	34	34	32	33	34
Ambient (°C)	34.5	34	34	32	33	34	34	32	33	34	34	32	33	34	34
Ambient (°C)	34.1	34	32	33	34	34	32	33	34	34	32	33	34	34	32
Ambient (°C)	32.8	32	33	34	34	32	33	34	34	32	33	34	34	32	33
Scythe Kabuto 3	1,500	N/A	N/A
Δ Fan Setup	RPM	(°C)
Δ Idle/Load @1,000RPM	31.5
Δ Idle/Load @1,500RPM	31.9	37.3
Δ Idle/Load @2,000RPM	37.3	31.5
Δ Idle/Load @MAX RPM	31.5
Ambient (°C)	22	22	Custom	Normal	Fan Mode
Core Temp (°C)
QX 6700 Core 0
QX 6700 Core 1
Ambient (°C)	31.5	31	31	37	31	31	31	37	31	31	31	37	31	31	31
Ambient (°C)	31.9	31	37	31	31	31	37	31	31	31	37	31	31	31	37
Ambient (°C)	37.3	37	31	31	31	37	31	31	31	37	31	31	31	37	31
Ambient (°C)	31.5	31	31	31	37	31	31	31	37	31	31	31	37	31	31
BeQuiet! Dark Rock 3	1,500	N/A	N/A
Δ Fan Setup	RPM	(°C)
Δ Idle/Load @1,000RPM	31.8
Δ Idle/Load @1,500RPM	36.5	31.0
Δ Idle/Load @2,000RPM	31.0	33.4
Δ Idle/Load @MAX RPM	33.4
Ambient (°C)	22	22	Custom	Balanced	Fan Mode
Core Temp (°C)
QX 6700 Core 0
QX 6700 Core 1
Ambient (°C)	31.8	31	36	31	33	31	36	31	33	31	36	31	33	31	36
Ambient (°C)	36.5	36	31	33	31	36	31	33	31	36	31	33	31	36	31
Ambient (°C)	31.0	31	33	31	36	31	33	31	36	31	33	31	36	31	33
Ambient (°C)	33.4	33	31	36	31	33	31	36	31	33	31	36	31	33	31
BeQuiet! Shadow Rock 2	1,500	N/A	N/A
Δ Fan Setup	RPM	(°C)
Δ Idle/Load @1,000RPM	35.9
Δ Idle/Load @1,500RPM	34.7	30.1
Δ Idle/Load @2,000RPM	30.1	36.5
Δ Idle/Load @MAX RPM	36.5
Ambient (°C)	22	22	Custom	Performance	Fan Mode
Core Temp (°C)
QX 6700 Core 0
QX 6700 Core 1
Ambient (°C)	35.9	35	34	30	36	35	34	30	36	35	34	30	36	35	34
Ambient (°C)	34.7	34	30	36	35	34	30	36	35	34	30	36	35	34	30
Ambient (°C)	30.1	30	36	35	34	30	36	35	34	30	36	35	34	30	36
Ambient (°C)	36.5	36	35	34	30	36	35	34	30	36	35	34	30	36	35
BeQuiet! Pure Rock	1,500	N/A	N/A
Δ Fan Setup	RPM	(°C)
Δ Idle/Load @1,000RPM	34.1
Δ Idle/Load @1,500RPM	31.3	31.8
Δ Idle/Load @2,000RPM	31.8	37.7
Δ Idle/Load @MAX RPM	37.7
Ambient (°C)	22	22	Custom	Custom	Fan Mode
Core Temp (°C)
QX 6700 Core 0
QX 6700 Core 1
Ambient (°C)	34.1	34	31	31	37	34	31	31	37	34	31	31	37	34	31
Ambient (°C)	31.3	31	31	37	34	31	31	37	34	31	31	37	34	31	31
Ambient (°C)	31.8	31	37	34	31	31	37	34	31	31	37	34	31	31	37
Ambient (°C)	37.7	37	34	31	31	37	34	31	31	37	34	31	31	37	34
BeQuiet! Silent Loop 240	1,500	N/A	N/A
Δ Fan Setup	RPM	(°C)
Δ Idle/Load @1,000RPM	33.1
Δ Idle/Load @1,500RPM	34.1	35.2
Δ Idle/Load @2,000RPM	35.2	35.8
Δ Idle/Load @MAX RPM	35.8
Ambient (°C)	22	22	Custom	Extreme	Fan Mode
Core Temp (°C)
QX 6700 Core 0
QX 6700 Core 1
Ambient (°C)	33.1	33	34	35	35	33	34	35	35	33	34	35	35	33	34
Ambient (°C)	34.1	34	35	35	33	34	35	35	33	34	35	35	33	34	35
Ambient (°C)	35.2	35	35	33	34	35	35	33	34	35	35	33	34	35	35
Ambient (°C)	35.8	35	33	34	35	35	33	34	35	35	33	34	35	35	33
Cooler Master Hyper 212X	1,500	N/A	N/A
Δ Fan Setup	RPM	(°C)
Δ Idle/Load @1,000RPM	32.2
Δ Idle/Load @1,500RPM	32.8	33.2
Δ Idle/Load @2,000RPM	33.2	33.5
Δ Idle/Load @MAX RPM	33.5
Ambient (°C)	22	22	Custom	Turbo	Fan Mode
Core Temp (°C)
QX 6700 Core 0
QX 6700 Core 1
Ambient (°C)	32.2	32	32	33	33	32	32	33	33	32	32	33	33	32	32
Ambient (°C)	32.8	32	33	33	32	32	33	33	32	32	33	33	32	32	33
Ambient (°C)	33.2	33	33	32	32	33	33	32	32	33	33	32	32	33	33
Ambient (°C)	33.5	33	32	32	33	33	32	32	33	33	32	32	33	33	32
Cooler Master Seidon 240M	1,500	N/A	N/A
Δ Fan Setup	RPM	(°C)
Δ Idle/Load @1,000RPM	36.5
Δ Idle/Load @1,500RPM	32.3	36.2
Δ Idle/Load @2,000RPM	36.2	35.8
Δ Idle/Load @MAX RPM	35.8
Ambient (°C)	22	22	Custom	Silent	Fan Mode
Core Temp (°C)
QX 6700 Core 0
QX 6700 Core 1
Ambient (°C)	36.5	36	32	36	35	36	32	36	35	36	32	36	35	36	32
Ambient (°C)	32.3	32	36	35	36	32	36	35	36	32	36	35	36	32	36
Ambient (°C)	36.2	36	35	36	32	36	35	36	32	36	35	36	32	36	35
Ambient (°C)	35.8	35	36	32	36	35	36	32	36	35	36	32	36	35	36
Corsair H100i v2	1,500	N/A	N/A
Δ Fan Setup	RPM	(°C)
Δ Idle/Load @1,000RPM	30.1
Δ Idle/Load @1,500RPM	33.9	34.5
Δ Idle/Load @2,000RPM	34.5	32.5
Δ Idle/Load @MAX RPM	32.5
Ambient (°C)	22	22	Custom	Normal	Fan Mode
Core Temp (°C)
QX 6700 Core 0
QX 6700 Core 1
Ambient (°C)	30.1	30	33	34	32	30	33	34	32	30	33	34	32	30	33
Ambient (°C)	33.9	33	34	32	30	33	34	32	30	33	34	32	30	33	34
Ambient (°C)	34.5	34	32	30	33	34	32	30	33	34	32	30	33	34	32
Ambient (°C)	32.5	32	30	33	34	32	30	33	34	32	30	33	34	32	30
Corsair H110i GT	1,500	N/A	N/A
Δ Fan Setup	RPM	(°C)
Δ Idle/Load @1,000RPM	36.5
Δ Idle/Load @1,500RPM	36.4	31.9
Δ Idle/Load @2,000RPM	31.9	32.4
Δ Idle/Load @MAX RPM	32.4
Ambient (°C)	22	22	Custom	Balanced	Fan Mode
Core Temp (°C)
QX 6700 Core 0
QX 6700 Core 1
Ambient (°C)	36.5	36	36	31	32	36	36	31	32	36	36	31	32	36	36
Ambient (°C)	36.4	36	31	32	36	36	31	32	36	36	31	32	36	36	31
Ambient (°C)	31.9	31	32	36	36	31	32	36	36	31	32	36	36	31	32
Ambient (°C)	32.4	32	36	36	31	32	36	36	31	32	36	36	31	32	36
NZXT Kraken X61	1,500	N/A	N/A
Δ Fan Setup	RPM	(°C)
Δ Idle/Load @1,000RPM	32.4
Δ Idle/Load @1,500RPM	36.9	33.7
Δ Idle/Load @2,000RPM	33.7	34.6
Δ Idle/Load @MAX RPM	34.6
Ambient (°C)	22	22	Custom	Performance	Fan Mode
Core Temp (°C)
QX 6700 Core 0
QX 6700 Core 1
Ambient (°C)	32.4	32	36	33	34	32	36	33	34	32	36	33	34	32	36
Ambient (°C)	36.9	36	33	34	32	36	33	34	32	36	33	34	32	36	33
Ambient (°C)	33.7	33	34	32	36	33	34	32	36	33	34	32	36	33	34
Ambient (°C)	34.6	34	32	36	33	34	32	36	33	34	32	36	33	34	32
NZXT Kraken X41	1,500	N/A	N/A
Δ Fan Setup	RPM	(°C)
Δ Idle/Load @1,000RPM	30.4
Δ Idle/Load @1,500RPM	35.0	34.8
Δ Idle/Load @2,000RPM	34.8	34.4
Δ Idle/Load @MAX RPM	34.4
Ambient (°C)	22	22	Custom	Custom	Fan Mode
Core Temp (°C)
QX 6700 Core 0
QX 6700 Core 1
Ambient (°C)	30.4	30	35	34	34	30	35	34	34	30	35	34	34	30	35
Ambient (°C)	35.0	35	34	34	30	35	34	34	30	35	34	34	30	35	34
Ambient (°C)	34.8	34	34	30	35	34	34	30	35	34	34	30	35	34	34
Ambient (°C)	34.4	34	30	35	34	34	30	35	34	34	30	35	34	34	30
NZXT Kraken X31	1,500	N/A	N/A
Δ Fan Setup	RPM	(°C)
Δ Idle/Load @1,000RPM	33.1
Δ Idle/Load @1,500RPM	34.4	35.2
Δ Idle/Load @2,000RPM	35.2	31.3
Δ Idle/Load @MAX RPM	31.3
Ambient (°C)	22	22	Custom	Extreme	Fan Mode
Core Temp (°C)
QX 6700 Core 0
QX 6700 Core 1
Ambient (°C)	33.1	33	34	35	31	33	34	35	31	33	34	35	31	33	34
Ambient (°C)	34.4	34	35	31	33	34	35	31	33	34	35	31	33	34	35
Ambient (°C)	35.2	35	31	33	34	35	31	33	34	35	31	33	34	35	31
Ambient (°C)	31.3	31	33	34	35	31	33	34	35	31	33	34	35	31	33
Reeven Justice	1,500	N/A	N/A
Δ Fan Setup	RPM	(°C)
Δ Idle/Load @1,000RPM	36.8
Δ Idle/Load @1,500RPM	34.4	34.9
Δ Idle/Load @2,000RPM	34.9	30.2
Δ Idle/Load @MAX RPM	30.2
Ambient (°C)	22	22	Custom	Turbo	Fan Mode
Core Temp (°C)
QX 6700 Core 0
QX 6700 Core 1
Ambient (°C)	36.8	36	34	34	30	36	34	34	30	36	34	34	30	36	34
Ambient (°C)	34.4	34	34	30	36	34	34	30	36	34	34	30	36	34	34
Ambient (°C)	34.9	34	30	36	34	34	30	36	34	34	30	36	34	34	30
Ambient (°C)	30.2	30	36	34	34	30	36	34	34	30	36	34	34	30	36
Reeven Ouranos	1,500	N/A	N/A
Δ Fan Setup	RPM	(°C)
Δ Idle/Load @1,000RPM	33.3
Δ Idle/Load @1,500RPM	32.6	33.1
Δ Idle/Load @2,000RPM	33.1	30.5
Δ Idle/Load @MAX RPM	30.5
Ambient (°C)	22	22	Custom	Silent	Fan Mode
Core Temp (°C)
QX 6700 Core 0
QX 6700 Core 1
Ambient (°C)	33.3	33	32	33	30	33	32	33	30	33	32	33	30	33	32
Ambient (°C)	32.6	32	33	30	33	32	33	30	33	32	33	30	33	32	33
Ambient (°C)	33.1	33	30	33	32	33	30	33	32	33	30	33	32	33	30
Ambient (°C)	30.5	30	33	32	33	30	33	32	33	30	33	32	33	30	33
Reeven Hans	1,500	N/A	N/A
Δ Fan Setup	RPM	(°C)
Δ Idle/Load @1,000RPM	31.7
Δ Idle/Load @1,500RPM	35.8	35.5
Δ Idle/Load @2,000RPM	35.5	34.9
Δ Idle/Load @MAX RPM	34.9
Ambient (°C)	22	22	Custom	Normal	Fan Mode
Core Temp (°C)
QX 6700 Core 0
QX 6700 Core 1
Ambient (°C)	31.7	31	35	35	34	31	35	35	34	31	35	35	34	31	35
Ambient (°C)	35.8	35	35	34	31	35	35	34	31	35	35	34	31	35	35
Ambient (°C)	35.5	35	34	31	35	35	34	31	35	35	34	31	35	35	34
Ambient (°C)	34.9	34	31	35	35	34	31	35	35	34	31	35	35	34	31
Phanteks PH-TC14S	1,500	N/A	N/A
Δ Fan Setup	RPM	(°C)
Δ Idle/Load @1,000RPM	34.4
Δ Idle/Load @1,500RPM	33.1	32.4
Δ Idle/Load @2,000RPM	32.4	34.7
Δ Idle/Load @MAX RPM	34.7
Ambient (°C)	22	22	Custom	Balanced	Fan Mode
Core Temp (°C)
QX 6700 Core 0
QX 6700 Core 1
Ambient (°C)	34.4	34	33	32	34	34	33	32	34	34	33	32	34	34	33
Ambient (°C)	33.1	33	32	34	34	33	32	34	34	33	32	34	34	33	32
Ambient (°C)	32.4	32	34	34	33	32	34	34	33	32	34	34	33	32	34
Ambient (°C)	34.7	34	34	33	32	34	34	33	32	34	34	33	32	34	34
Silverstone AR06	1,500	N/A	N/A
Δ Fan Setup	RPM	(°C)
Δ Idle/Load @1,000RPM	35.0
Δ Idle/Load @1,500RPM	32.8	32.2
Δ Idle/Load @2,000RPM	32.2	31.7
Δ Idle/Load @MAX RPM	31.7
Ambient (°C)	22	22	Custom	Performance	Fan Mode
Core Temp (°C)
QX 6700 Core 0
QX 6700 Core 1
Ambient (°C)	35.0	35	32	32	31	35	32	32	31	35	32	32	31	35	32
Ambient (°C)	32.8	32	32	31	35	32	32	31	35	32	32	31	35	32	32
Ambient (°C)	32.2	32	31	35	32	32	31	35	32	32	31	35	32	32	31
Ambient (°C)	31.7	31	35	32	32	31	35	32	32	31	35	32	32	31	35
Silverstone AR07	1,500	N/A	N/A
Δ Fan Setup	RPM	(°C)
Δ Idle/Load @1,000RPM	34.5
Δ Idle/Load @1,500RPM	31.2	33.5
Δ Idle/Load @2,000RPM	33.5	36.4
Δ Idle/Load @MAX RPM	36.4
Ambient (°C)	22	22	Custom	Custom	Fan Mode
Core Temp (°C)
QX 6700 Core 0
QX 6700 Core 1
Ambient (°C)	34.5	34	31	33	36	34	31	33	36	34	31	33	36	34	31
Ambient (°C)	31.2	31	33	36	34	31	33	36	34	31	33	36	34	31	33
Ambient (°C)	33.5	33	36	34	31	33	36	34	31	33	36	34	31	33	36
Ambient (°C)	36.4	36	34	31	33	36	34	31	33	36	34	31	33	36	34
Silverstone AR08	1,500	N/A	N/A
Δ Fan Setup	RPM	(°C)
Δ Idle/Load @1,000RPM	33.6
Δ Idle/Load @1,500RPM	36.4	37.4
Δ Idle/Load @2,000RPM	37.4	35.8
Δ Idle/Load @MAX RPM	35.8
Ambient (°C)	22	22	Custom	Extreme	Fan Mode
Core Temp (°C)
QX 6700 Core 0
QX 6700 Core 1
Ambient (°C)	33.6	33	36	37	35	33	36	37	35	33	36	37	35	33	36
Ambient (°C)	36.4	36	37	35	33	36	37	35	33	36	37	35	33	36	37
Ambient (°C)	37.4	37	35	33	36	37	35	33	36	37	35	33	36	37	35
Ambient (°C)	35.8	35	33	36	37	35	33	36	37	35	33	36	37	35	33
Silverstone TD02-E	1,500	N/A	N/A
Δ Fan Setup	RPM	(°C)
Δ Idle/Load @1,000RPM	32.0
Δ Idle/Load @1,500RPM	36.9	31.7
Δ Idle/Load @2,000RPM	31.7	31.3
Δ Idle/Load @MAX RPM	31.3
Ambient (°C)	22	22	Custom	Turbo	Fan Mode
Core Temp (°C)
QX 6700 Core 0
QX 6700 Core 1
Ambient (°C)	32.0	32	36	31	31	32	36	31	31	32	36	31	31	32	36
Ambient (°C)	36.9	36	31	31	32	36	31	31	32	36	31	31	32	36	31
Ambient (°C)	31.7	31	31	32	36	31	31	32	36	31	31	32	36	31	31
Ambient (°C)	31.3	31	32	36	31	31	32	36	31	31	32	36	31	31	32
Silverstone TD03-SLIM	1,500	N/A	N/A
Δ Fan Setup	RPM	(°C)
Δ Idle/Load @1,000RPM	35.2
Δ Idle/Load @1,500RPM	33.6	34.4
Δ Idle/Load @2,000RPM	34.4	32.9
Δ Idle/Load @MAX RPM	32.9
Ambient (°C)	22	22	Custom	Silent	Fan Mode
Core Temp (°C)
QX 6700 Core 0
QX 6700 Core 1
Ambient (°C)	35.2	35	33	34	32	35	33	34	32	35	33	34	32	35	33
Ambient (°C)	33.6	33	34	32	35	33	34	32	35	33	34	32	35	33	34
Ambient (°C)	34.4	34	32	35	33	34	32	35	33	34	32	35	33	34	32
Ambient (°C)	32.9	32	35	33	34	32	35	33	34	32	35	33	34	32	35
Silverstone TD02-LITE	1,500	N/A	N/A
Δ Fan Setup	RPM	(°C)
Δ Idle/Load @1,000RPM	33.8
Δ Idle/Load @1,500RPM	30.9	30.2
Δ Idle/Load @2,000RPM	30.2	30.6
Δ Idle/Load @MAX RPM	30.6
Ambient (°C)	22	22	Custom	Normal	Fan Mode
Core Temp (°C)
QX 6700 Core 0
QX 6700 Core 1
Ambient (°C)	33.8	33	30	30	30	33	30	30	30	33	30	30	30	33	30
Ambient (°C)	30.9	30	30	30	33	30	30	30	33	30	30	30	33	30	30
Ambient (°C)	30.2	30	30	33	30	30	30	33	30	30	30	33	30	30	30
Ambient (°C)	30.6	30	33	30	30	30	33	30	30	30	33	30	30	30	33
Silverstone TD03-LITE	1,500	N/A	N/A
Δ Fan Setup	RPM	(°C)
Δ Idle/Load @1,000RPM	36.5
Δ Idle/Load @1,500RPM	37.3	31.5
Δ Idle/Load @2,000RPM	31.5	37.7
Δ Idle/Load @MAX RPM	37.7
Ambient (°C)	22	22	Custom	Balanced	Fan Mode
Core Temp (°C)
QX 6700 Core 0
QX 6700 Core 1
Ambient (°C)	36.5	36	37	31	37	36	37	31	37	36	37	31	37	36	37
Ambient (°C)	37.3	37	31	37	36	37	31	37	36	37	31	37	36	37	31
Ambient (°C)	31.5	31	37	36	37	31	37	36	37	31	37	36	37	31	37
Ambient (°C)	37.7	37	36	37	31	37	36	37	31	37	36	37	31	37	36
